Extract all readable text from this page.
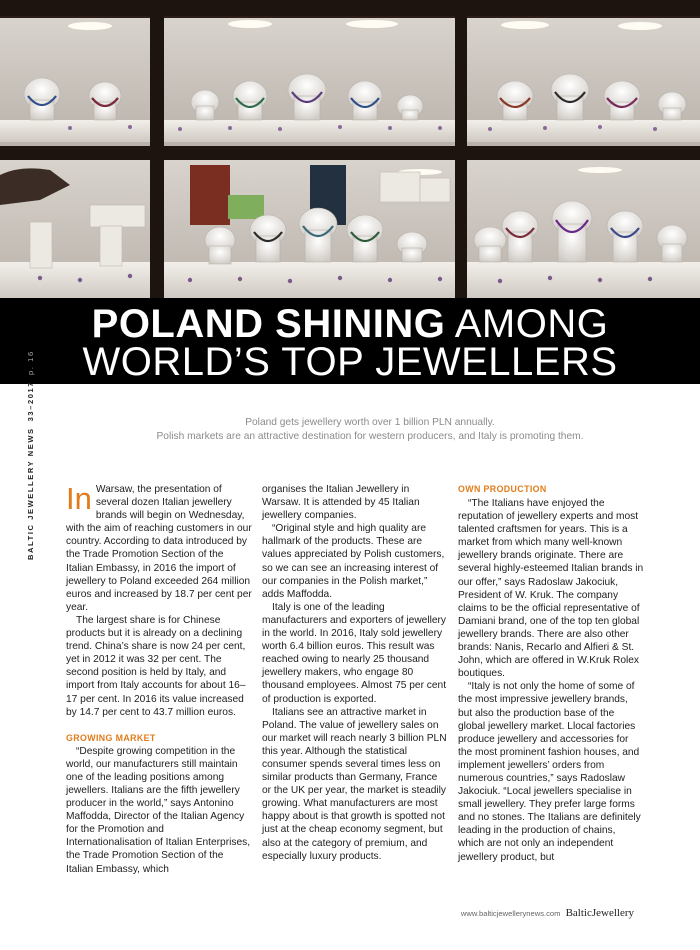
POLAND SHINING AMONG
WORLD’S TOP JEWELLERS
BALTIC JEWELLERY NEWS33–2017p. 16
Poland gets jewellery worth over 1 billion PLN annually.
Polish markets are an attractive destination for western producers, and Italy is promoting them.

In Warsaw, the presentation of several dozen Italian jewellery brands will begin on Wednesday, with the aim of reaching customers in our country. According to data introduced by the Trade Promotion Section of the Italian Embassy, in 2016 the import of jewellery to Poland exceeded 264 million euros and increased by 18.7 per cent per year.

The largest share is for Chinese products but it is already on a declining trend. China’s share is now 24 per cent, yet in 2012 it was 32 per cent. The second position is held by Italy, and import from Italy accounts for about 16–17 per cent. In 2016 its value increased by 14.7 per cent to 43.7 million euros.

GROWING MARKET

“Despite growing competition in the world, our manufacturers still maintain one of the leading positions among jewellers. Italians are the fifth jewellery producer in the world,” says Antonino Maffodda, Director of the Italian Agency for the Promotion and Internationalisation of Italian Enterprises, the Trade Promotion Section of the Italian Embassy, which

organises the Italian Jewellery in Warsaw. It is attended by 45 Italian jewellery companies.

“Original style and high quality are hallmark of the products. These are values appreciated by Polish customers, so we can see an increasing interest of our companies in the Polish market,” adds Maffodda.

Italy is one of the leading manufacturers and exporters of jewellery in the world. In 2016, Italy sold jewellery worth 6.4 billion euros. This result was reached owing to nearly 25 thousand jewellery makers, who engage 80 thousand employees. Almost 75 per cent of production is exported.

Italians see an attractive market in Poland. The value of jewellery sales on our market will reach nearly 3 billion PLN this year. Although the statistical consumer spends several times less on similar products than Germany, France or the UK per year, the market is steadily growing. What manufacturers are most happy about is that growth is spotted not just at the cheap economy segment, but also at the category of premium, and especially luxury products.

OWN PRODUCTION

“The Italians have enjoyed the reputation of jewellery experts and most talented craftsmen for years. This is a market from which many well-known jewellery brands originate. There are several highly-esteemed Italian brands in our offer,” says Radoslaw Jakociuk, President of W. Kruk. The company claims to be the official representative of Damiani brand, one of the top ten global jewellery brands. There are also other brands: Nanis, Recarlo and Alfieri & St. John, which are offered in W.Kruk Rolex boutiques.

“Italy is not only the home of some of the most impressive jewellery brands, but also the production base of the global jewellery market. Llocal factories produce jewellery and accessories for the most prominent fashion houses, and implement jewellers’ orders from numerous countries,” says Radoslaw Jakociuk. “Local jewellers specialise in small jewellery. They prefer large forms and no stones. The Italians are definitely leading in the production of chains, which are not only an independent jewellery product, but

www.balticjewellerynews.com BalticJewellery
